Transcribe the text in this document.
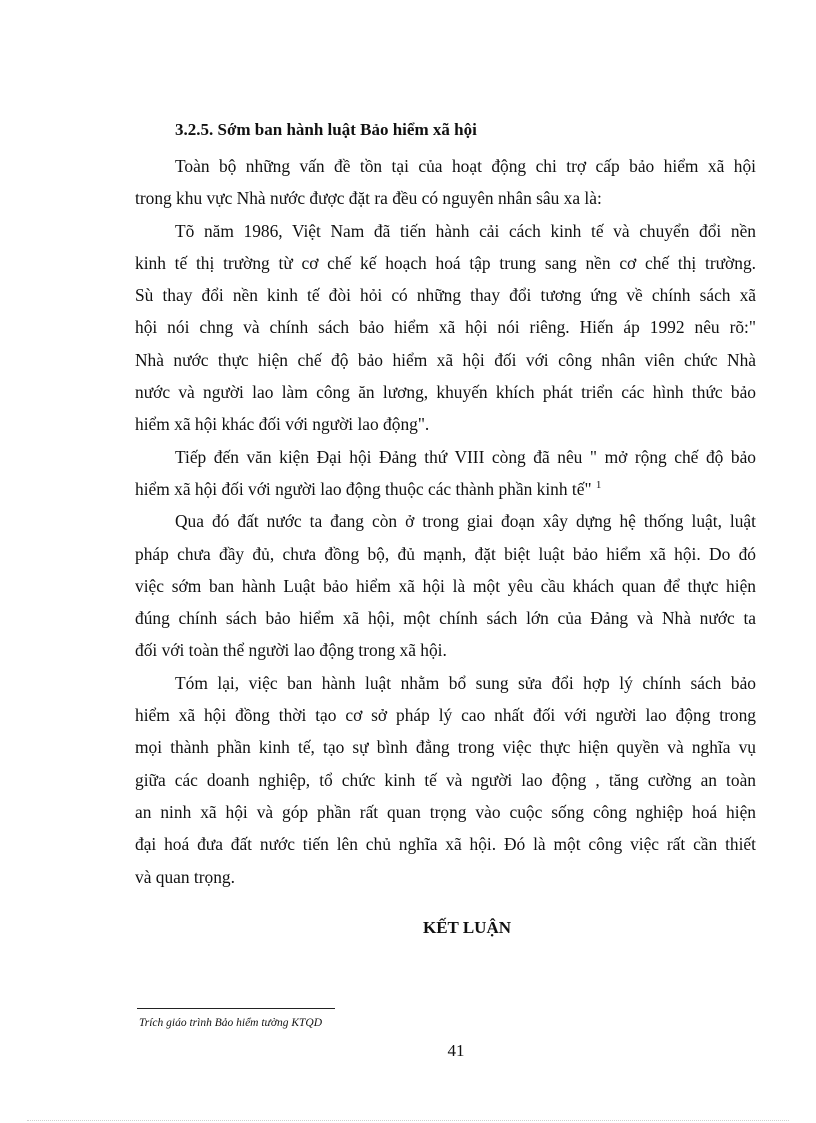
3.2.5. Sớm ban hành luật Bảo hiểm xã hội
Toàn bộ những vấn đề tồn tại của hoạt động chi trợ cấp bảo hiểm xã hội
trong khu vực Nhà nước được đặt ra đều có nguyên nhân sâu xa là:
Tõ năm 1986, Việt Nam đã tiến hành cải cách kinh tế và chuyển đổi nền
kinh tế thị trường từ cơ chế kế hoạch hoá tập trung sang nền cơ chế thị trường.
Sù thay đổi nền kinh tế đòi hỏi có những thay đổi tương ứng về chính sách xã
hội nói chng và chính sách bảo hiểm xã hội nói riêng. Hiến áp 1992 nêu rõ:"
Nhà nước thực hiện chế độ bảo hiểm xã hội đối với công nhân viên chức Nhà
nước và người lao làm công ăn lương, khuyến khích phát triển các hình thức bảo
hiểm xã hội khác đối với người lao động".
Tiếp đến văn kiện Đại hội Đảng thứ VIII còng đã nêu " mở rộng chế độ bảo
hiểm xã hội đối với người lao động thuộc các thành phần kinh tế" $^1$
Qua đó đất nước ta đang còn ở trong giai đoạn xây dựng hệ thống luật, luật
pháp chưa đầy đủ, chưa đồng bộ, đủ mạnh, đặt biệt luật bảo hiểm xã hội. Do đó
việc sớm ban hành Luật bảo hiểm xã hội là một yêu cầu khách quan để thực hiện
đúng chính sách bảo hiểm xã hội, một chính sách lớn của Đảng và Nhà nước ta
đối với toàn thể người lao động trong xã hội.
Tóm lại, việc ban hành luật nhằm bổ sung sửa đổi hợp lý chính sách bảo
hiểm xã hội đồng thời tạo cơ sở pháp lý cao nhất đối với người lao động trong
mọi thành phần kinh tế, tạo sự bình đẳng trong việc thực hiện quyền và nghĩa vụ
giữa các doanh nghiệp, tổ chức kinh tế và người lao động , tăng cường an toàn
an ninh xã hội và góp phần rất quan trọng vào cuộc sống công nghiệp hoá hiện
đại hoá đưa đất nước tiến lên chủ nghĩa xã hội. Đó là một công việc rất cần thiết
và quan trọng.
KẾT LUẬN
Trích giáo trình Bảo hiểm tường KTQD
41
